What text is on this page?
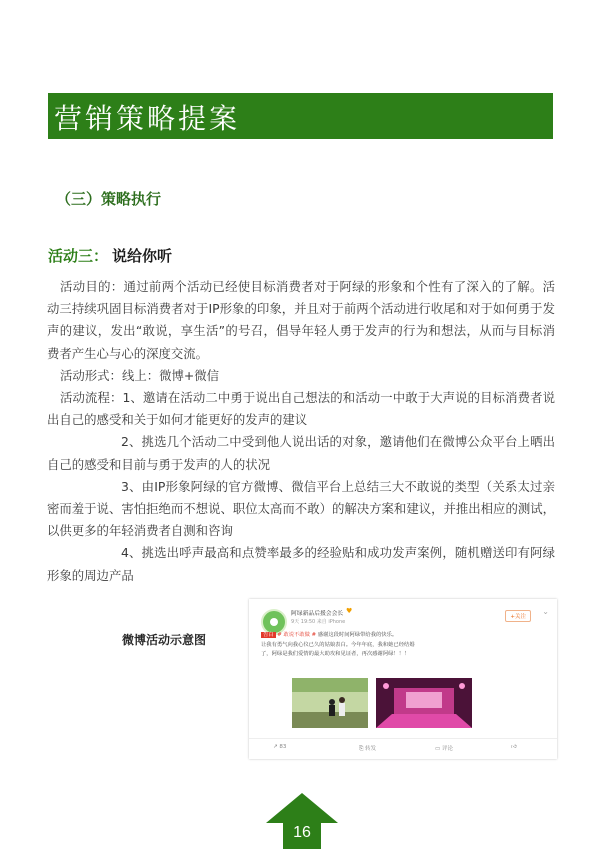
营销策略提案
（三）策略执行
活动三： 说给你听

活动目的：通过前两个活动已经使目标消费者对于阿绿的形象和个性有了深入的了解。活动三持续巩固目标消费者对于IP形象的印象，并且对于前两个活动进行收尾和对于如何勇于发声的建议，发出“敢说，享生活”的号召，倡导年轻人勇于发声的行为和想法，从而与目标消费者产生心与心的深度交流。

活动形式：线上：微博+微信

活动流程：1、邀请在活动二中勇于说出自己想法的和活动一中敢于大声说的目标消费者说出自己的感受和关于如何才能更好的发声的建议

2、挑选几个活动二中受到他人说出话的对象，邀请他们在微博公众平台上晒出自己的感受和目前与勇于发声的人的状况

3、由IP形象阿绿的官方微博、微信平台上总结三大不敢说的类型（关系太过亲密而羞于说、害怕拒绝而不想说、职位太高而不敢）的解决方案和建议，并推出相应的测试，以供更多的年轻消费者自测和咨询

4、挑选出呼声最高和点赞率最多的经验贴和成功发声案例，随机赠送印有阿绿形象的周边产品

微博活动示意图
阿绿新品后援会会长 ♥
9天 19:50 来自 iPhone
+关注
⌄

告白 # 敢说不敢做 # 感谢这段时间阿绿带给我的快乐。

让我有勇气向我心仪已久的姑娘表白。今年年底，我和她已经结婚

了，阿绿是我们爱情的最大助攻和见证者，再次感谢阿绿！！！

↗ 83	⎘ 转发	▭ 评论	👍︎
16
